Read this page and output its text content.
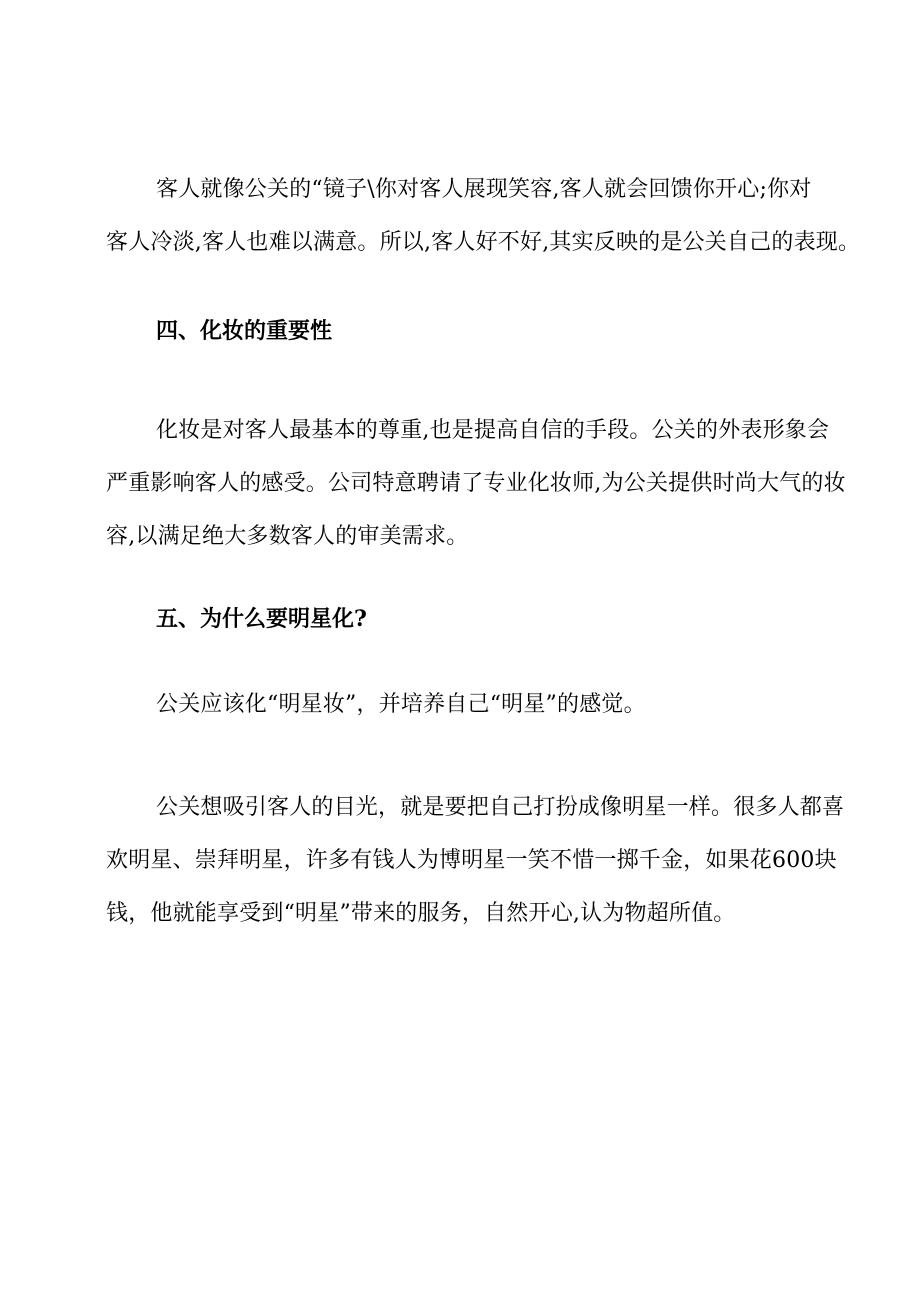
客人就像公关的“镜子\你对客人展现笑容,客人就会回馈你开心;你对
客人冷淡,客人也难以满意。所以,客人好不好,其实反映的是公关自己的表现。

四、化妆的重要性

化妆是对客人最基本的尊重,也是提高自信的手段。公关的外表形象会
严重影响客人的感受。公司特意聘请了专业化妆师,为公关提供时尚大气的妆
容,以满足绝大多数客人的审美需求。

五、为什么要明星化?

公关应该化“明星妆”，并培养自己“明星”的感觉。

公关想吸引客人的目光，就是要把自己打扮成像明星一样。很多人都喜
欢明星、崇拜明星，许多有钱人为博明星一笑不惜一掷千金，如果花600块
钱，他就能享受到“明星”带来的服务，自然开心,认为物超所值。
